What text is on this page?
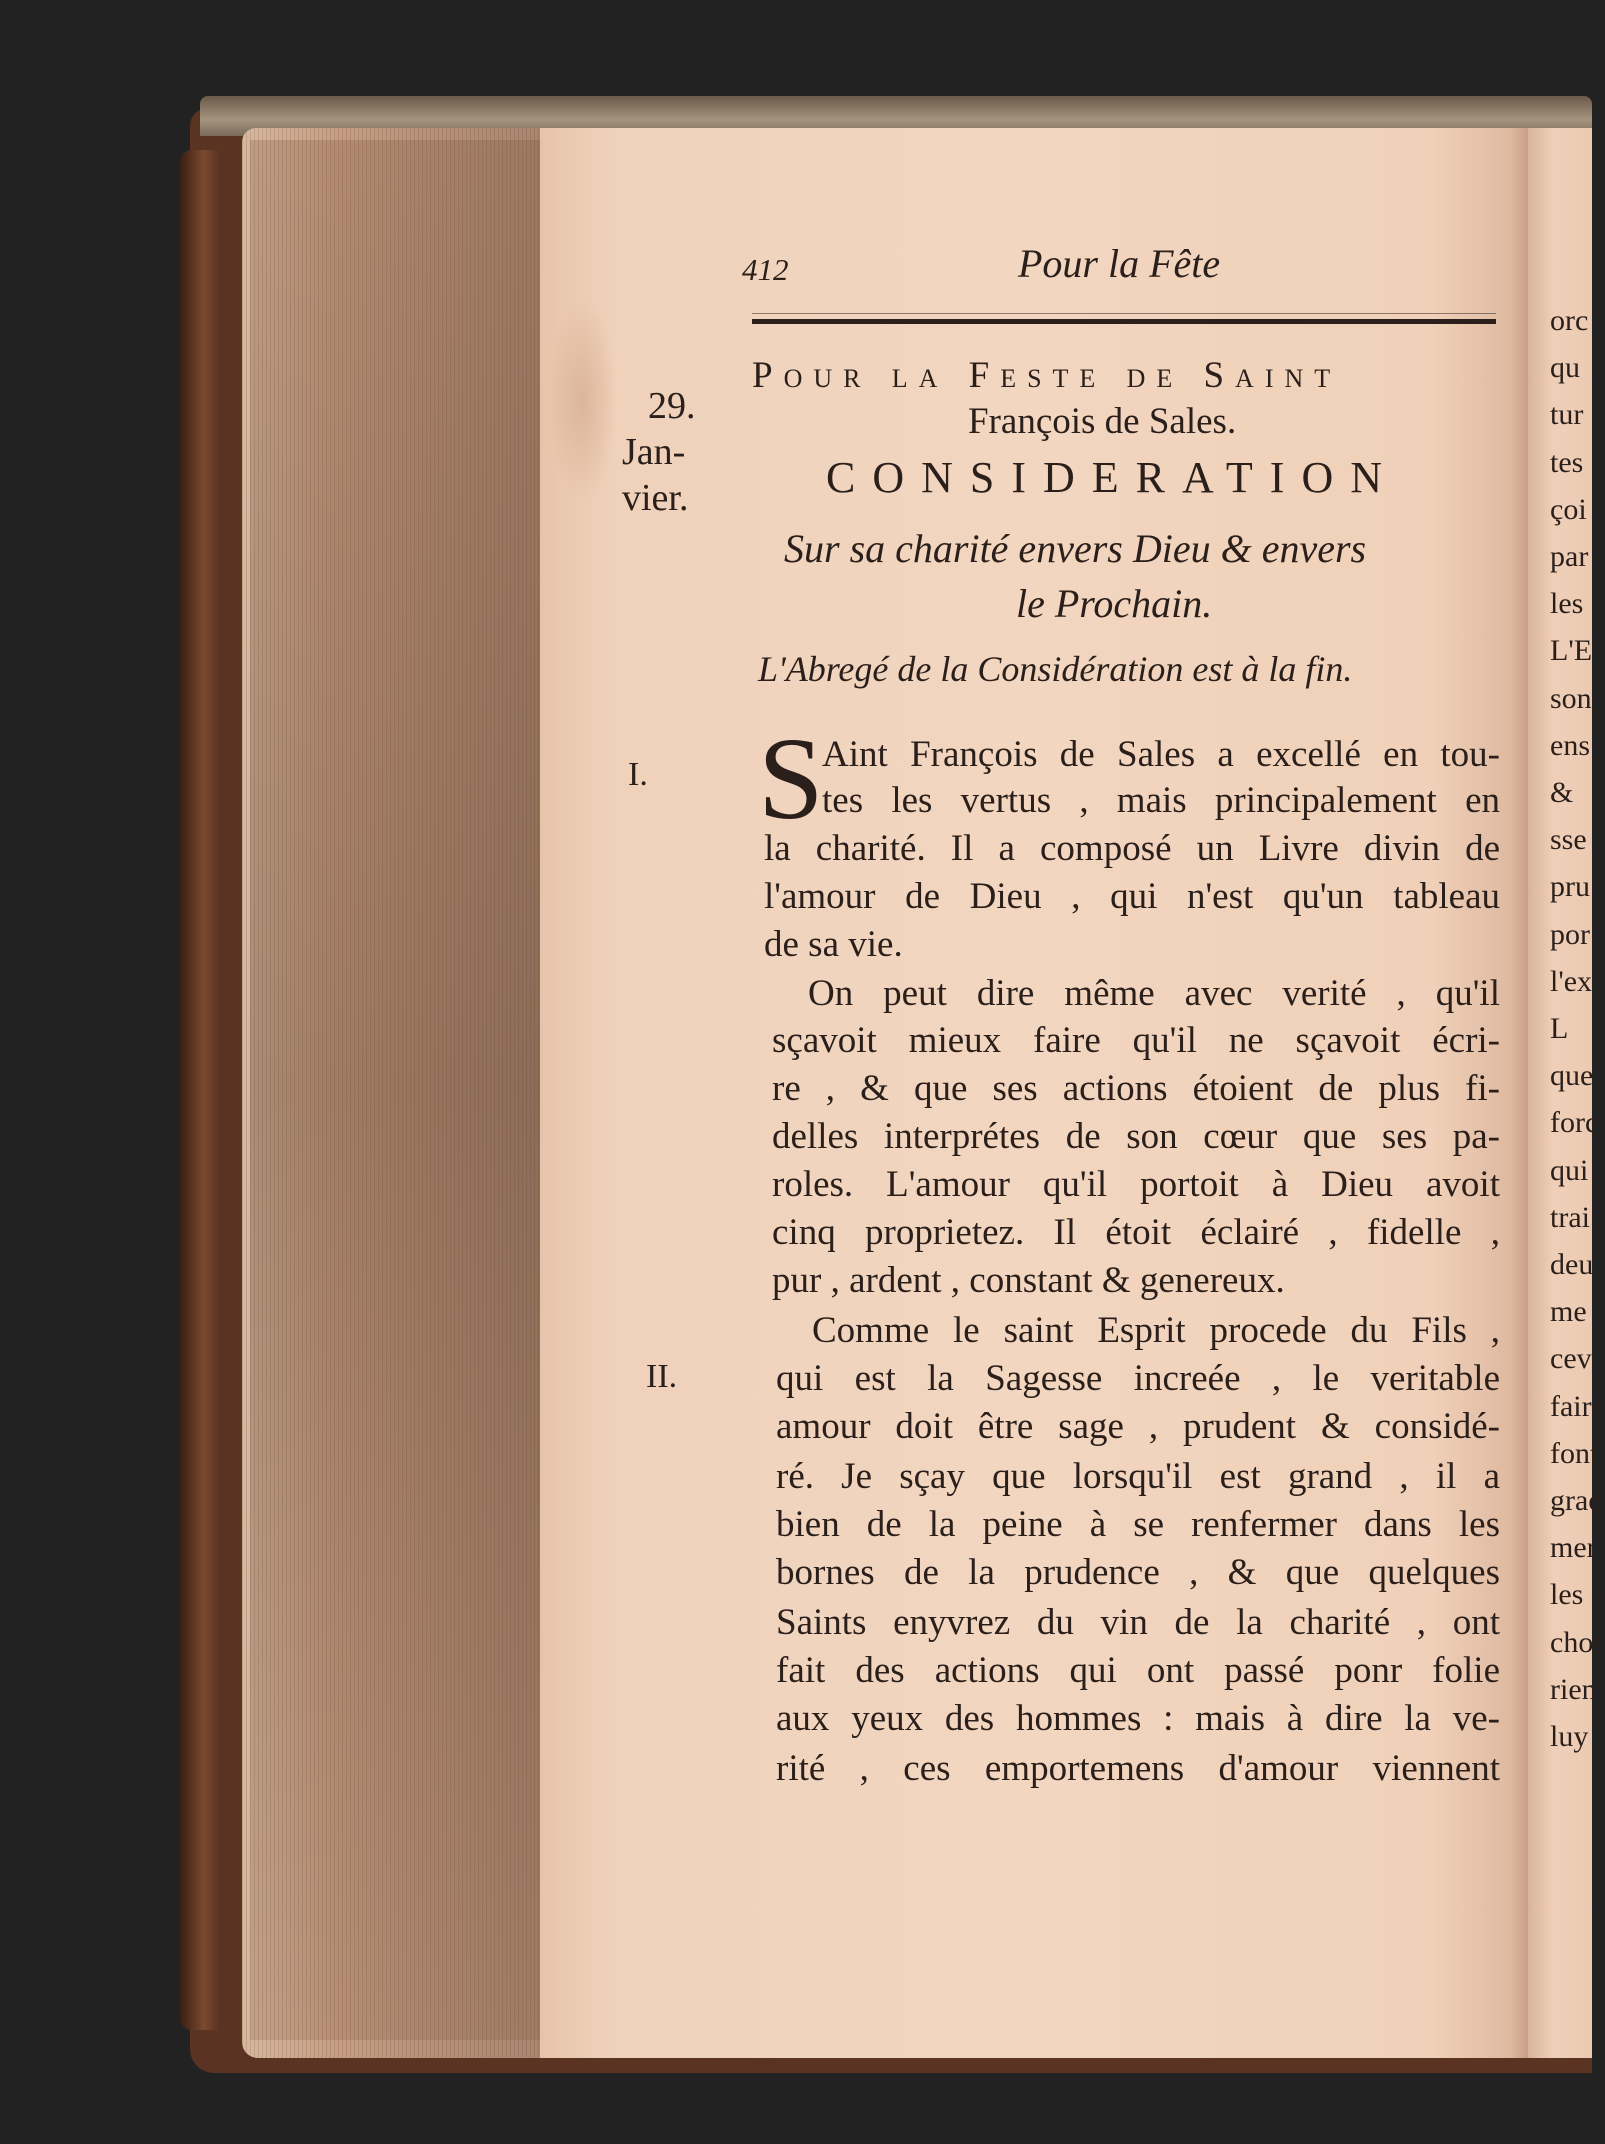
orc
qu
tur
tes
çoi
par
les
L'E
son
ens
&
sse
pru
por
l'ex
L
que
forc
qui
trai
deu
me
cev
faire
font
grac
mer
les a
chos
rien
luy
412	Pour la Fête
29.
Jan-
vier.
I.
II.
Pour la Feste de Saint
François de Sales.
CONSIDERATION
Sur sa charité envers Dieu & envers
le Prochain.
L'Abregé de la Considération est à la fin.
S
Aint François de Sales a excellé en tou-
tes les vertus , mais principalement en
la charité. Il a composé un Livre divin de
l'amour de Dieu , qui n'est qu'un tableau
de sa vie.
On peut dire même avec verité , qu'il
sçavoit mieux faire qu'il ne sçavoit écri-
re , & que ses actions étoient de plus fi-
delles interprétes de son cœur que ses pa-
roles. L'amour qu'il portoit à Dieu avoit
cinq proprietez. Il étoit éclairé , fidelle ,
pur , ardent , constant & genereux.
Comme le saint Esprit procede du Fils ,
qui est la Sagesse increée , le veritable
amour doit être sage , prudent & considé-
ré. Je sçay que lorsqu'il est grand , il a
bien de la peine à se renfermer dans les
bornes de la prudence , & que quelques
Saints enyvrez du vin de la charité , ont
fait des actions qui ont passé ponr folie
aux yeux des hommes : mais à dire la ve-
rité , ces emportemens d'amour viennent
